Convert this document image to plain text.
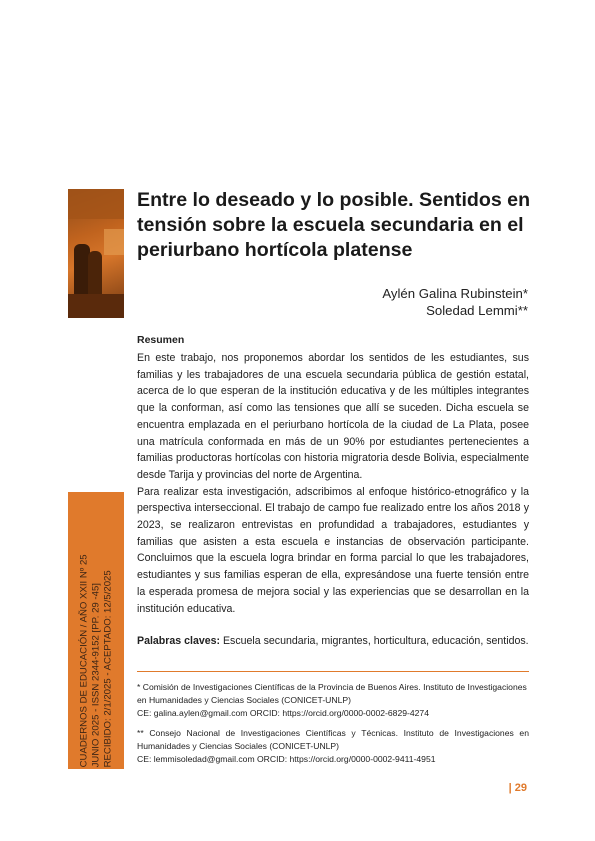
CUADERNOS DE EDUCACIÓN / AÑO XXII Nº 25 JUNIO 2025 - ISSN 2344-9152 [PP. 29 -45] RECIBIDO: 2/1/2025 - ACEPTADO: 12/5/2025
Entre lo deseado y lo posible. Sentidos en tensión sobre la escuela secundaria en el periurbano hortícola platense
Aylén Galina Rubinstein*
Soledad Lemmi**
Resumen

En este trabajo, nos proponemos abordar los sentidos de les estudiantes, sus familias y les trabajadores de una escuela secundaria pública de gestión estatal, acerca de lo que esperan de la institución educativa y de les múltiples integrantes que la conforman, así como las tensiones que allí se suceden. Dicha escuela se encuentra emplazada en el periurbano hortícola de la ciudad de La Plata, posee una matrícula conformada en más de un 90% por estudiantes pertenecientes a familias productoras hortícolas con historia migratoria desde Bolivia, especialmente desde Tarija y provincias del norte de Argentina.

Para realizar esta investigación, adscribimos al enfoque histórico-etnográfico y la perspectiva interseccional. El trabajo de campo fue realizado entre los años 2018 y 2023, se realizaron entrevistas en profundidad a trabajadores, estudiantes y familias que asisten a esta escuela e instancias de observación participante. Concluimos que la escuela logra brindar en forma parcial lo que les trabajadores, estudiantes y sus familias esperan de ella, expresándose una fuerte tensión entre la esperada promesa de mejora social y las experiencias que se desarrollan en la institución educativa.

Palabras claves: Escuela secundaria, migrantes, horticultura, educación, sentidos.

* Comisión de Investigaciones Científicas de la Provincia de Buenos Aires. Instituto de Investigaciones en Humanidades y Ciencias Sociales (CONICET-UNLP)
CE: galina.aylen@gmail.com ORCID: https://orcid.org/0000-0002-6829-4274

** Consejo Nacional de Investigaciones Científicas y Técnicas. Instituto de Investigaciones en Humanidades y Ciencias Sociales (CONICET-UNLP)
CE: lemmisoledad@gmail.com ORCID: https://orcid.org/0000-0002-9411-4951

| 29
